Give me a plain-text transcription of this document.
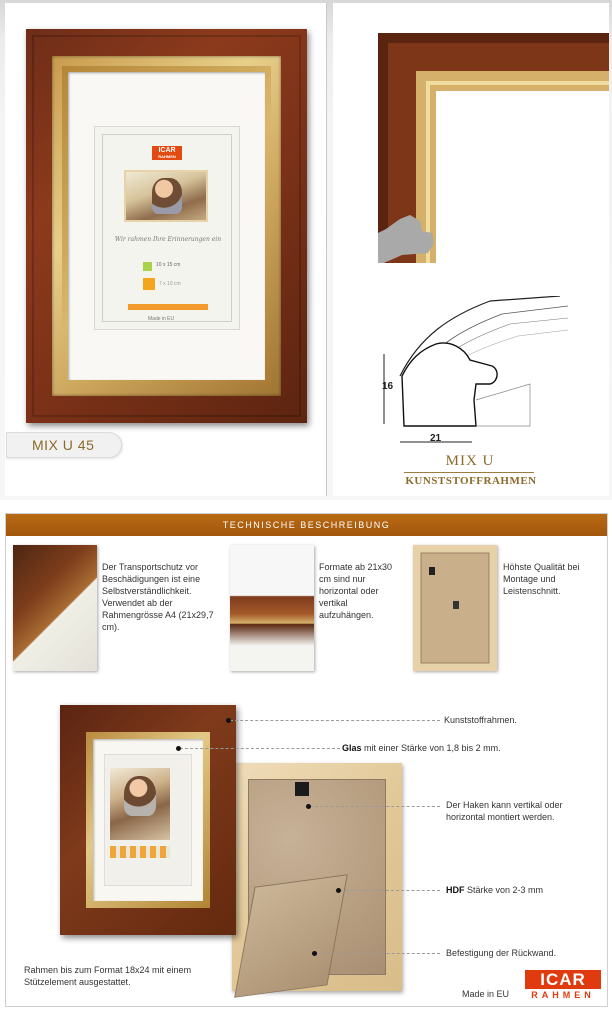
ICAR
RAHMEN
Wir rahmen Ihre Erinnerungen ein
10 x 15 cm
7 x 10 cm
Made in EU
MIX U 45
16
21
MIX U
KUNSTSTOFFRAHMEN
TECHNISCHE BESCHREIBUNG
Der Transportschutz vor Beschädigungen ist eine Selbstverständlichkeit. Verwendet ab der Rahmengrösse A4 (21x29,7 cm).
Formate ab 21x30 cm sind nur horizontal oder vertikal aufzuhängen.
Höhste Qualität bei Montage und Leistenschnitt.
Kunststoffrahmen.
Glas mit einer Stärke von 1,8 bis 2 mm.
Der Haken kann vertikal oder horizontal montiert werden.
HDF Stärke von 2-3 mm
Befestigung der Rückwand.
Rahmen bis zum Format 18x24 mit einem Stützelement ausgestattet.
Made in EU
ICAR
RAHMEN
